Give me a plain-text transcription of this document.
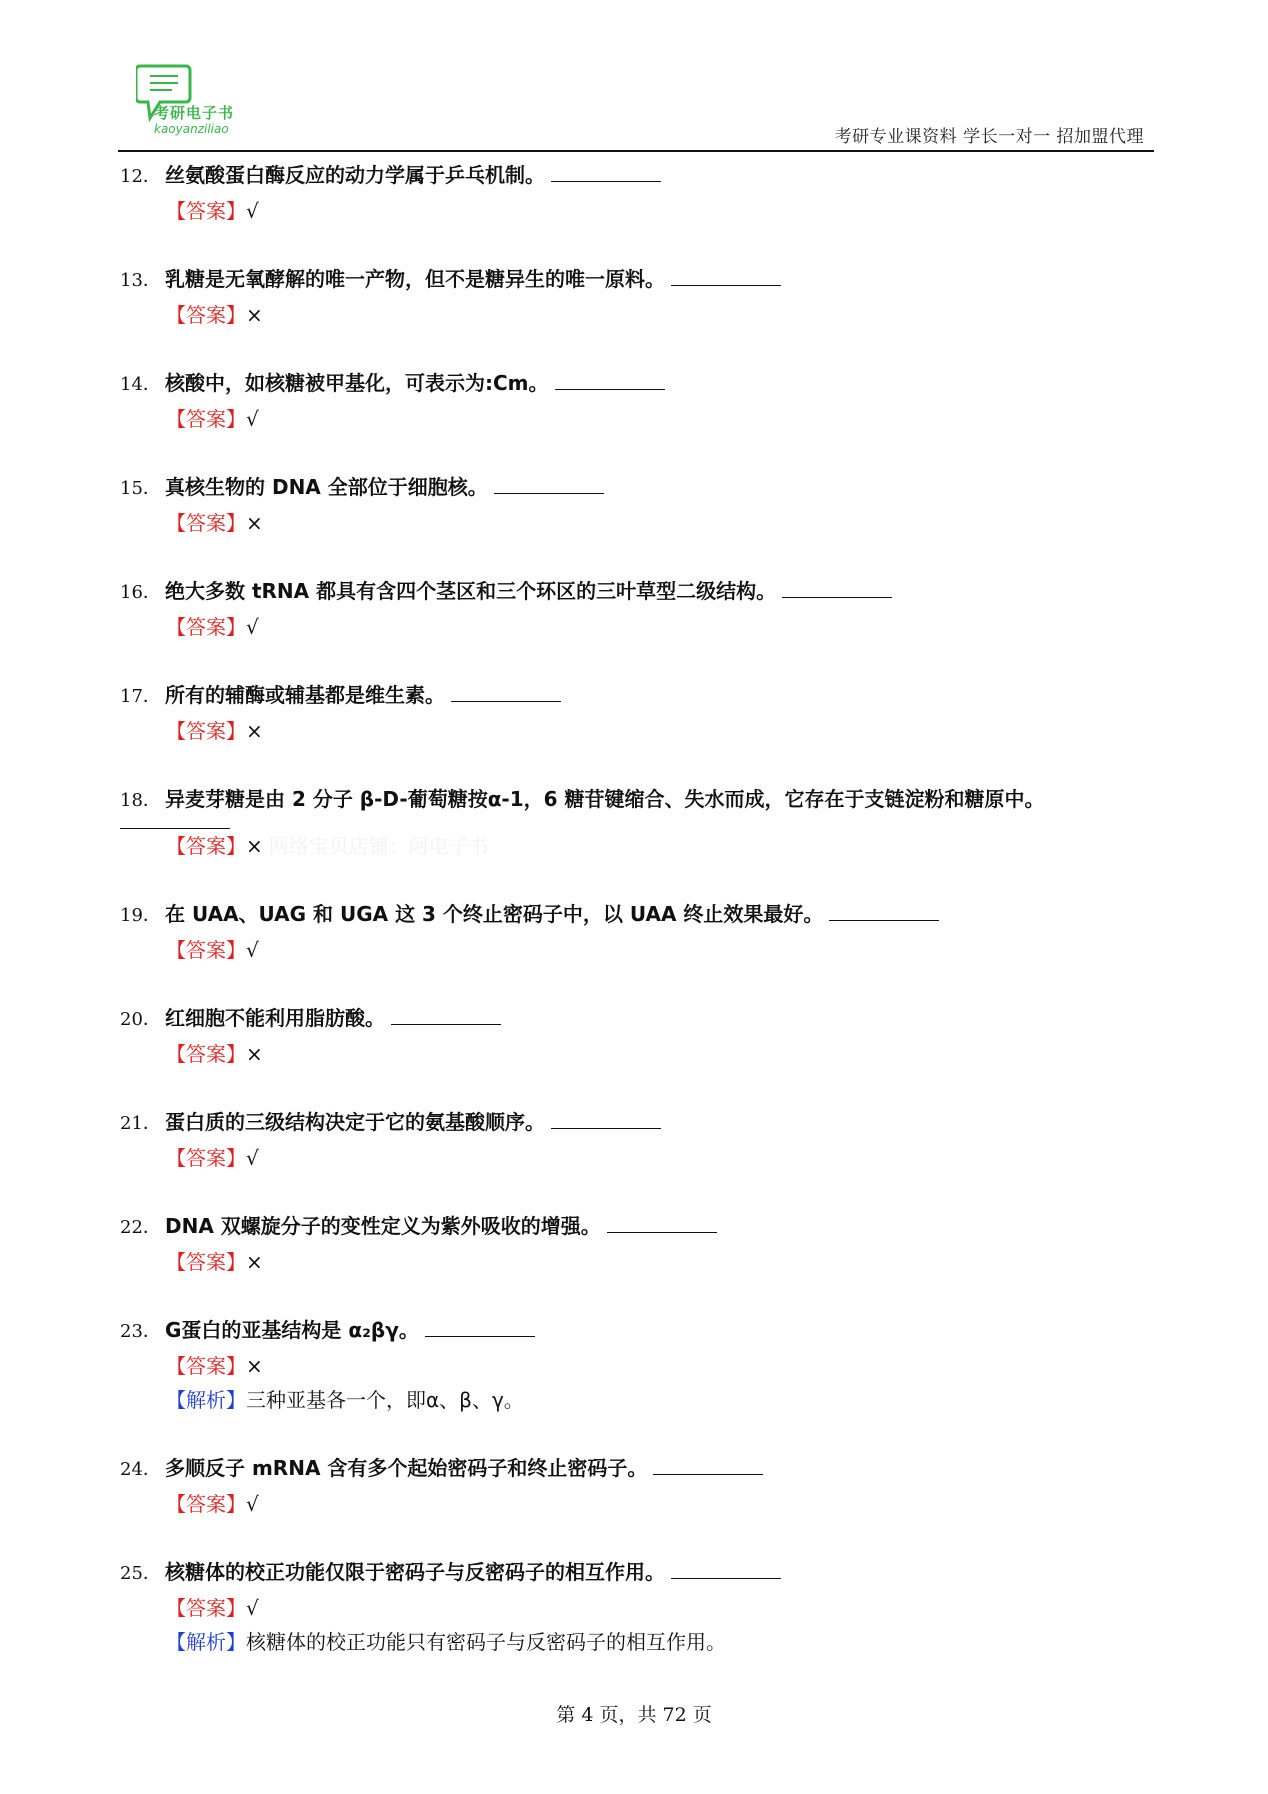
考研电子书
kaoyanziliao	考研专业课资料 学长一对一 招加盟代理
12． 丝氨酸蛋白酶反应的动力学属于乒乓机制。
【答案】√
13． 乳糖是无氧酵解的唯一产物，但不是糖异生的唯一原料。
【答案】×
14． 核酸中，如核糖被甲基化，可表示为:Cm。
【答案】√
15． 真核生物的 DNA 全部位于细胞核。
【答案】×
16． 绝大多数 tRNA 都具有含四个茎区和三个环区的三叶草型二级结构。
【答案】√
17． 所有的辅酶或辅基都是维生素。
【答案】×
18． 异麦芽糖是由 2 分子 β-D-葡萄糖按α-1，6 糖苷键缩合、失水而成，它存在于支链淀粉和糖原中。
【答案】× 网络宝贝店铺：阿电子书
19． 在 UAA、UAG 和 UGA 这 3 个终止密码子中，以 UAA 终止效果最好。
【答案】√
20． 红细胞不能利用脂肪酸。
【答案】×
21． 蛋白质的三级结构决定于它的氨基酸顺序。
【答案】√
22． DNA 双螺旋分子的变性定义为紫外吸收的增强。
【答案】×
23． G蛋白的亚基结构是 α₂βγ。
【答案】×
【解析】三种亚基各一个，即α、β、γ。
24． 多顺反子 mRNA 含有多个起始密码子和终止密码子。
【答案】√
25． 核糖体的校正功能仅限于密码子与反密码子的相互作用。
【答案】√
【解析】核糖体的校正功能只有密码子与反密码子的相互作用。
第 4 页，共 72 页
